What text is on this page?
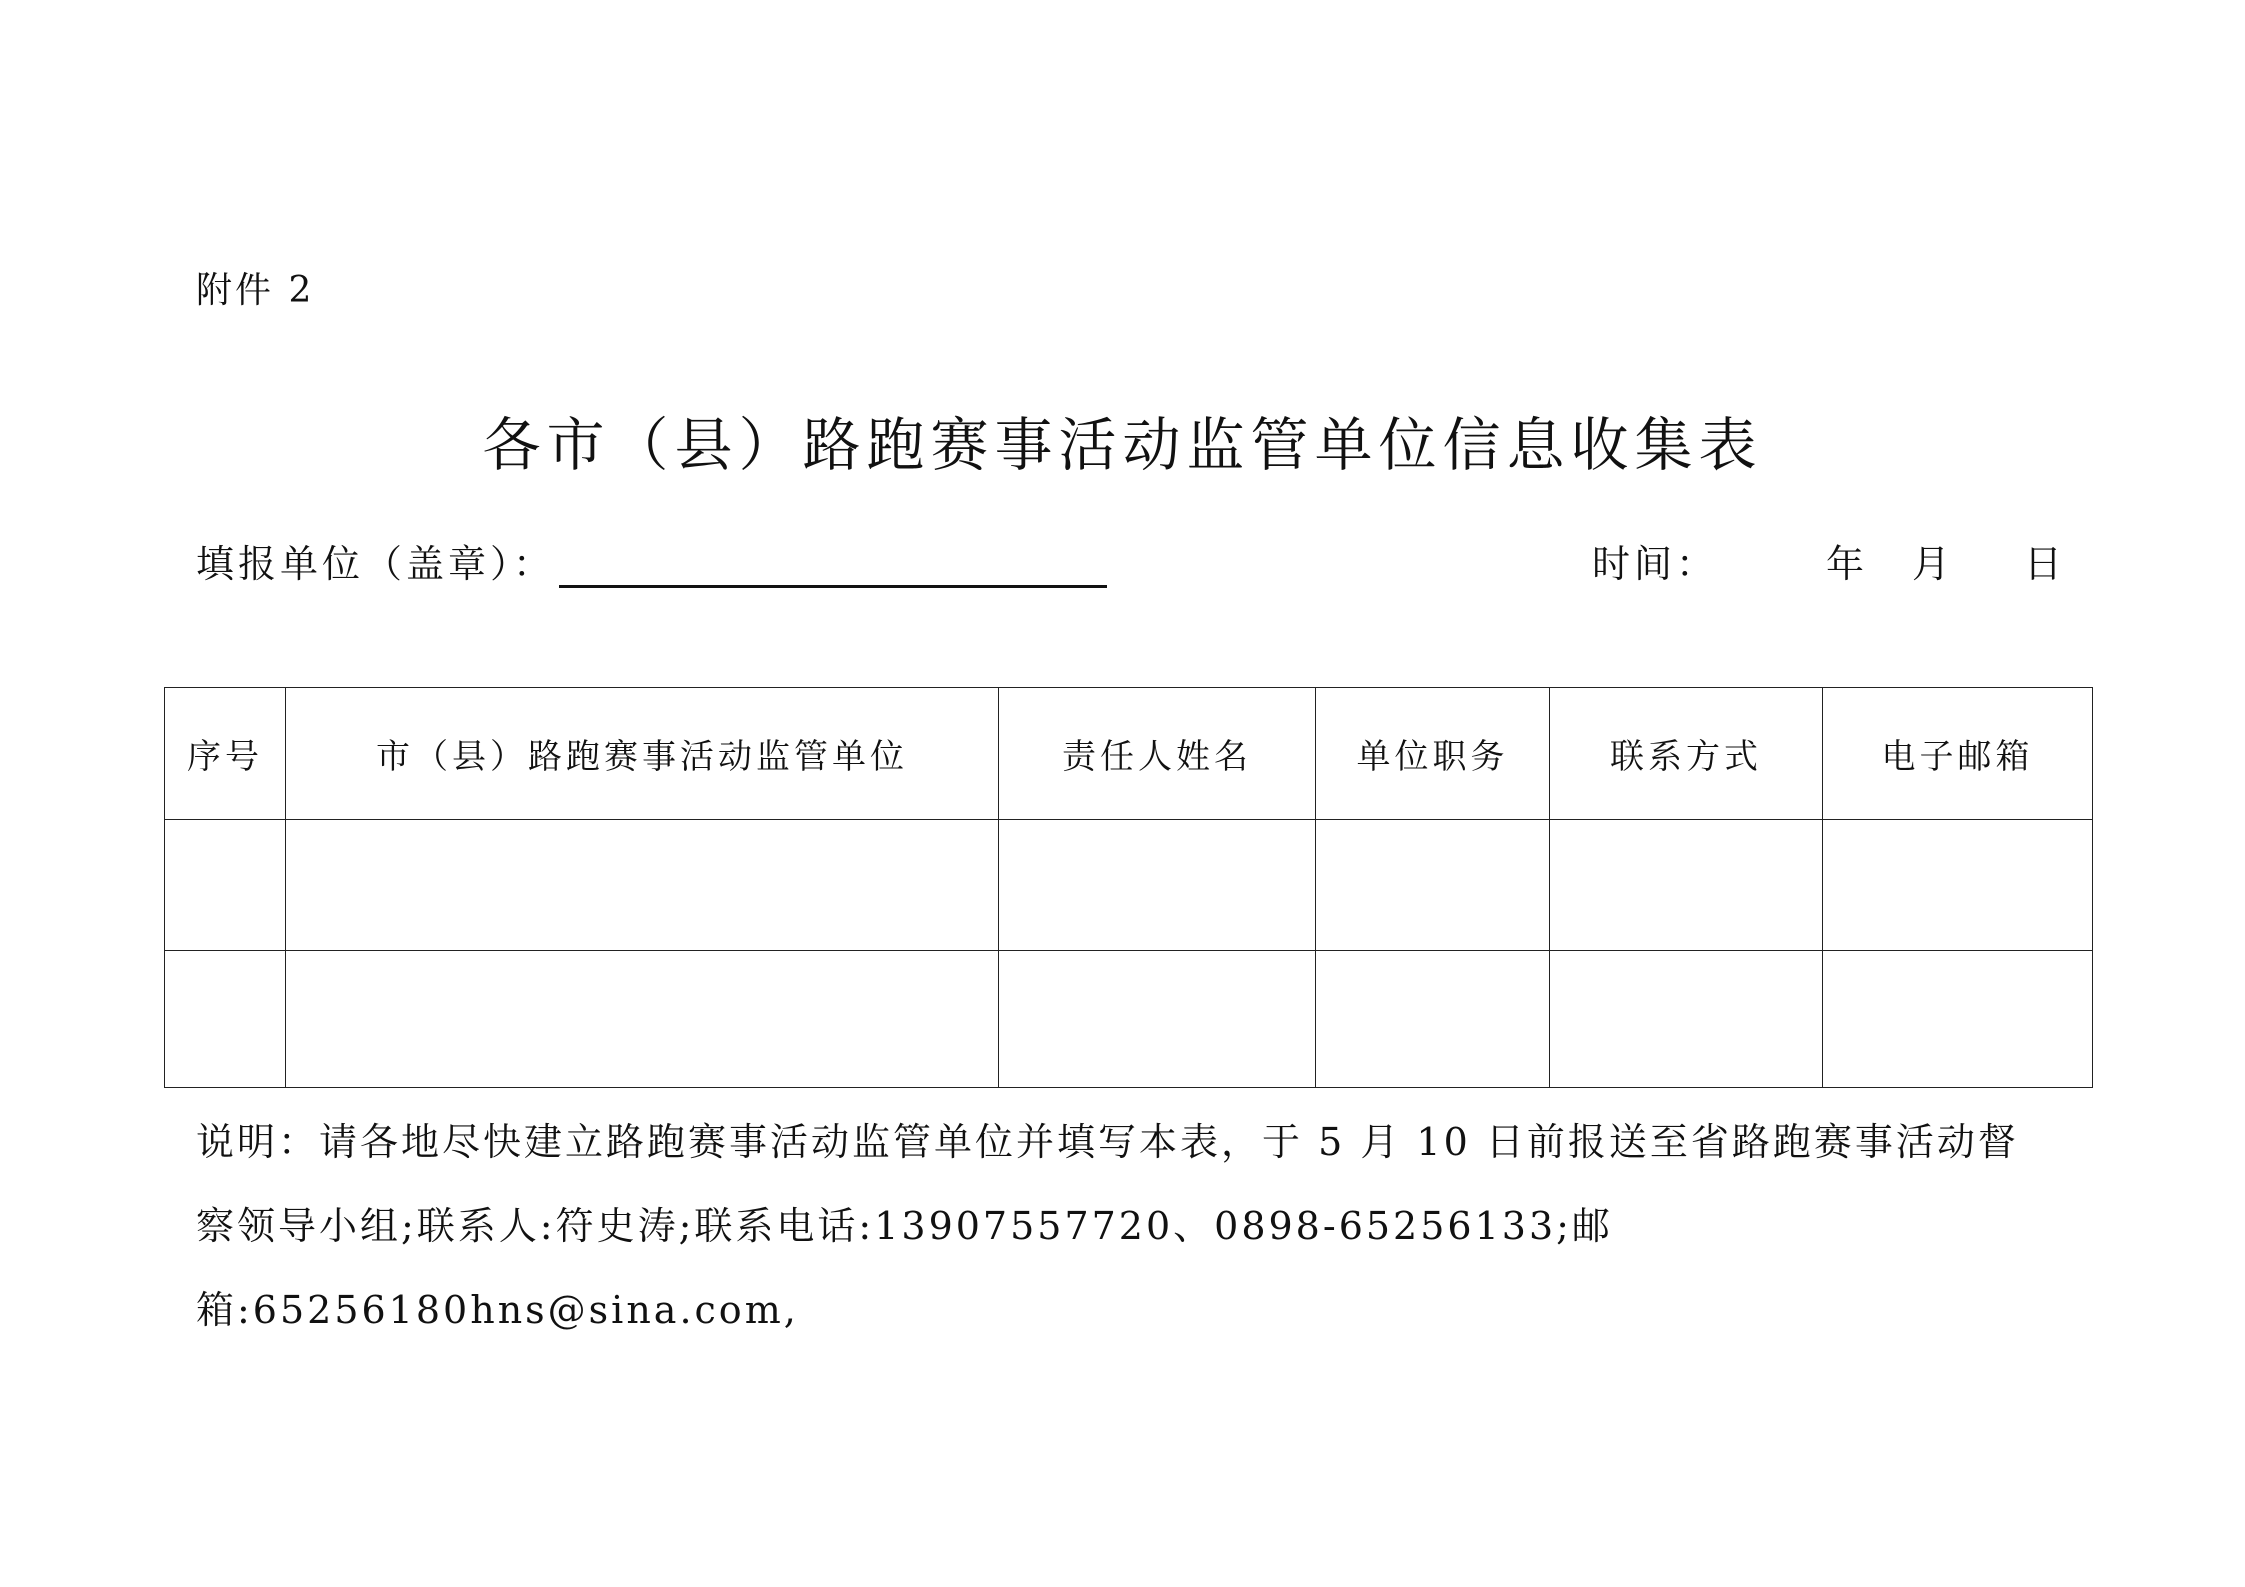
附件 2
各市（县）路跑赛事活动监管单位信息收集表
填报单位（盖章）：	时间：	年 月 日
序号	市（县）路跑赛事活动监管单位	责任人姓名	单位职务	联系方式	电子邮箱

说明：请各地尽快建立路跑赛事活动监管单位并填写本表，于 5 月 10 日前报送至省路跑赛事活动督
察领导小组;联系人:符史涛;联系电话:13907557720、0898-65256133;邮箱:65256180hns@sina.com,
